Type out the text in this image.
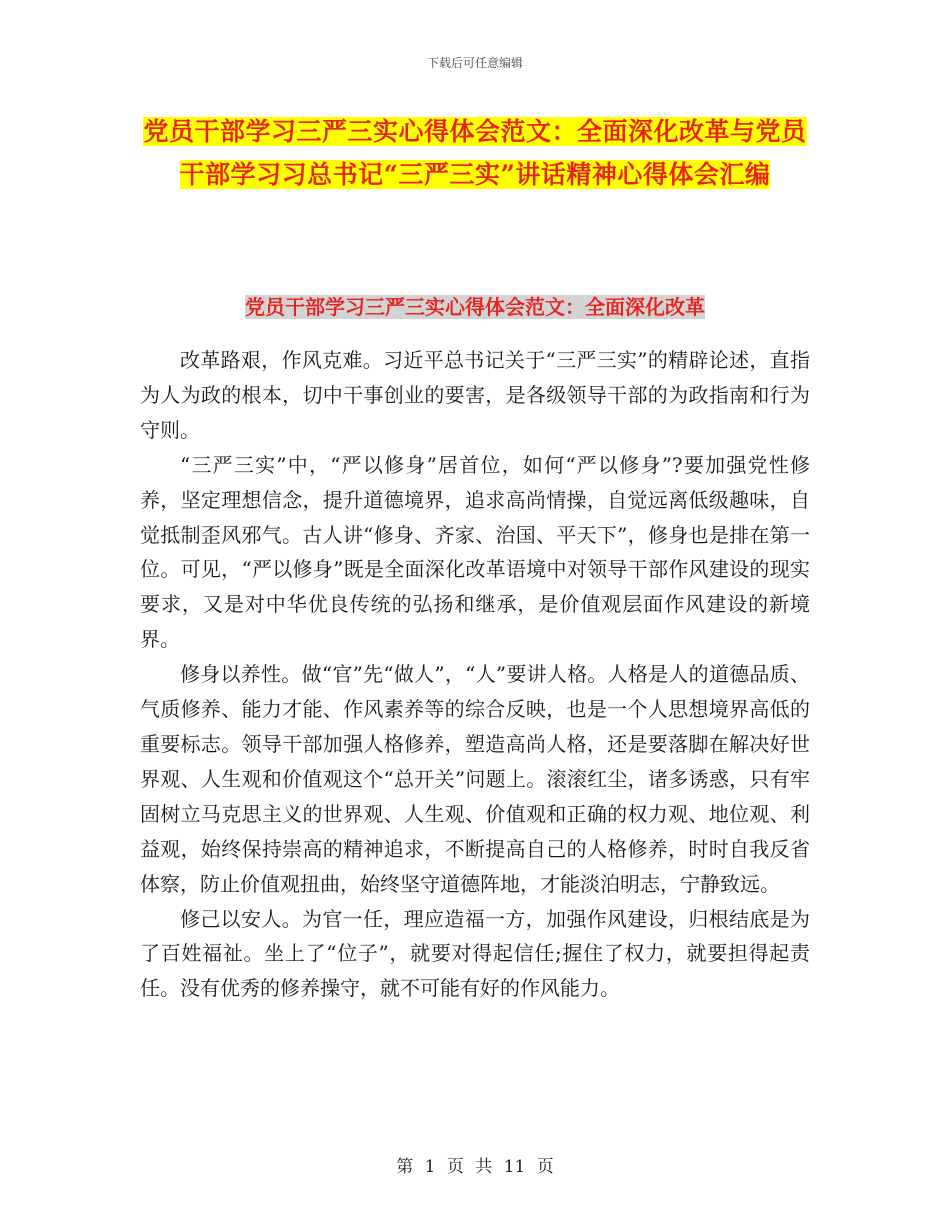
下载后可任意编辑
党员干部学习三严三实心得体会范文：全面深化改革与党员干部学习习总书记“三严三实”讲话精神心得体会汇编
党员干部学习三严三实心得体会范文：全面深化改革

改革路艰，作风克难。习近平总书记关于“三严三实”的精辟论述，直指为人为政的根本，切中干事创业的要害，是各级领导干部的为政指南和行为守则。

“三严三实”中，“严以修身”居首位，如何“严以修身”?要加强党性修养，坚定理想信念，提升道德境界，追求高尚情操，自觉远离低级趣味，自觉抵制歪风邪气。古人讲“修身、齐家、治国、平天下”，修身也是排在第一位。可见，“严以修身”既是全面深化改革语境中对领导干部作风建设的现实要求，又是对中华优良传统的弘扬和继承，是价值观层面作风建设的新境界。

修身以养性。做“官”先“做人”，“人”要讲人格。人格是人的道德品质、气质修养、能力才能、作风素养等的综合反映，也是一个人思想境界高低的重要标志。领导干部加强人格修养，塑造高尚人格，还是要落脚在解决好世界观、人生观和价值观这个“总开关”问题上。滚滚红尘，诸多诱惑，只有牢固树立马克思主义的世界观、人生观、价值观和正确的权力观、地位观、利益观，始终保持崇高的精神追求，不断提高自己的人格修养，时时自我反省体察，防止价值观扭曲，始终坚守道德阵地，才能淡泊明志，宁静致远。

修己以安人。为官一任，理应造福一方，加强作风建设，归根结底是为了百姓福祉。坐上了“位子”，就要对得起信任;握住了权力，就要担得起责任。没有优秀的修养操守，就不可能有好的作风能力。

第 1 页 共 11 页
